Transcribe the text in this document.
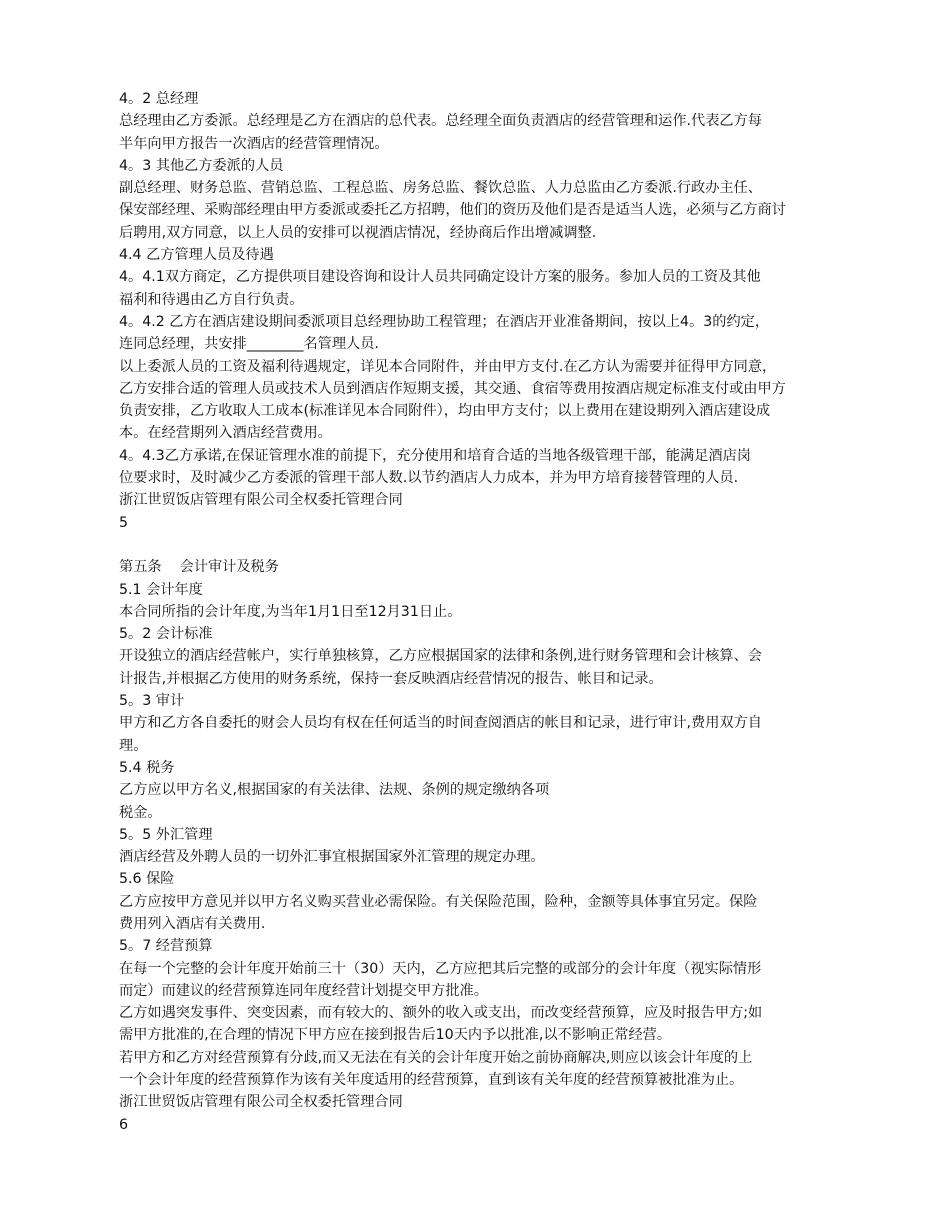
4。2 总经理
总经理由乙方委派。总经理是乙方在酒店的总代表。总经理全面负责酒店的经营管理和运作.代表乙方每
半年向甲方报告一次酒店的经营管理情况。
4。3 其他乙方委派的人员
副总经理、财务总监、营销总监、工程总监、房务总监、餐饮总监、人力总监由乙方委派.行政办主任、
保安部经理、采购部经理由甲方委派或委托乙方招聘，他们的资历及他们是否是适当人选，必须与乙方商讨
后聘用,双方同意，以上人员的安排可以视酒店情况，经协商后作出增减调整.
4.4 乙方管理人员及待遇
4。4.1双方商定，乙方提供项目建设咨询和设计人员共同确定设计方案的服务。参加人员的工资及其他
福利和待遇由乙方自行负责。
4。4.2 乙方在酒店建设期间委派项目总经理协助工程管理；在酒店开业准备期间，按以上4。3的约定，
连同总经理，共安排________名管理人员.
以上委派人员的工资及福利待遇规定，详见本合同附件，并由甲方支付.在乙方认为需要并征得甲方同意，
乙方安排合适的管理人员或技术人员到酒店作短期支援，其交通、食宿等费用按酒店规定标准支付或由甲方
负责安排，乙方收取人工成本(标准详见本合同附件），均由甲方支付；以上费用在建设期列入酒店建设成
本。在经营期列入酒店经营费用。
4。4.3乙方承诺,在保证管理水准的前提下，充分使用和培育合适的当地各级管理干部，能满足酒店岗
位要求时，及时减少乙方委派的管理干部人数.以节约酒店人力成本，并为甲方培育接替管理的人员.
浙江世贸饭店管理有限公司全权委托管理合同
5
第五条    会计审计及税务
5.1 会计年度
本合同所指的会计年度,为当年1月1日至12月31日止。
5。2 会计标准
开设独立的酒店经营帐户，实行单独核算，乙方应根据国家的法律和条例,进行财务管理和会计核算、会
计报告,并根据乙方使用的财务系统，保持一套反映酒店经营情况的报告、帐目和记录。
5。3 审计
甲方和乙方各自委托的财会人员均有权在任何适当的时间查阅酒店的帐目和记录，进行审计,费用双方自
理。
5.4 税务
乙方应以甲方名义,根据国家的有关法律、法规、条例的规定缴纳各项
税金。
5。5 外汇管理
酒店经营及外聘人员的一切外汇事宜根据国家外汇管理的规定办理。
5.6 保险
乙方应按甲方意见并以甲方名义购买营业必需保险。有关保险范围，险种，金额等具体事宜另定。保险
费用列入酒店有关费用.
5。7 经营预算
在每一个完整的会计年度开始前三十（30）天内，乙方应把其后完整的或部分的会计年度（视实际情形
而定）而建议的经营预算连同年度经营计划提交甲方批准。
乙方如遇突发事件、突变因素，而有较大的、额外的收入或支出，而改变经营预算，应及时报告甲方;如
需甲方批准的,在合理的情况下甲方应在接到报告后10天内予以批准,以不影响正常经营。
若甲方和乙方对经营预算有分歧,而又无法在有关的会计年度开始之前协商解决,则应以该会计年度的上
一个会计年度的经营预算作为该有关年度适用的经营预算，直到该有关年度的经营预算被批准为止。
浙江世贸饭店管理有限公司全权委托管理合同
6
